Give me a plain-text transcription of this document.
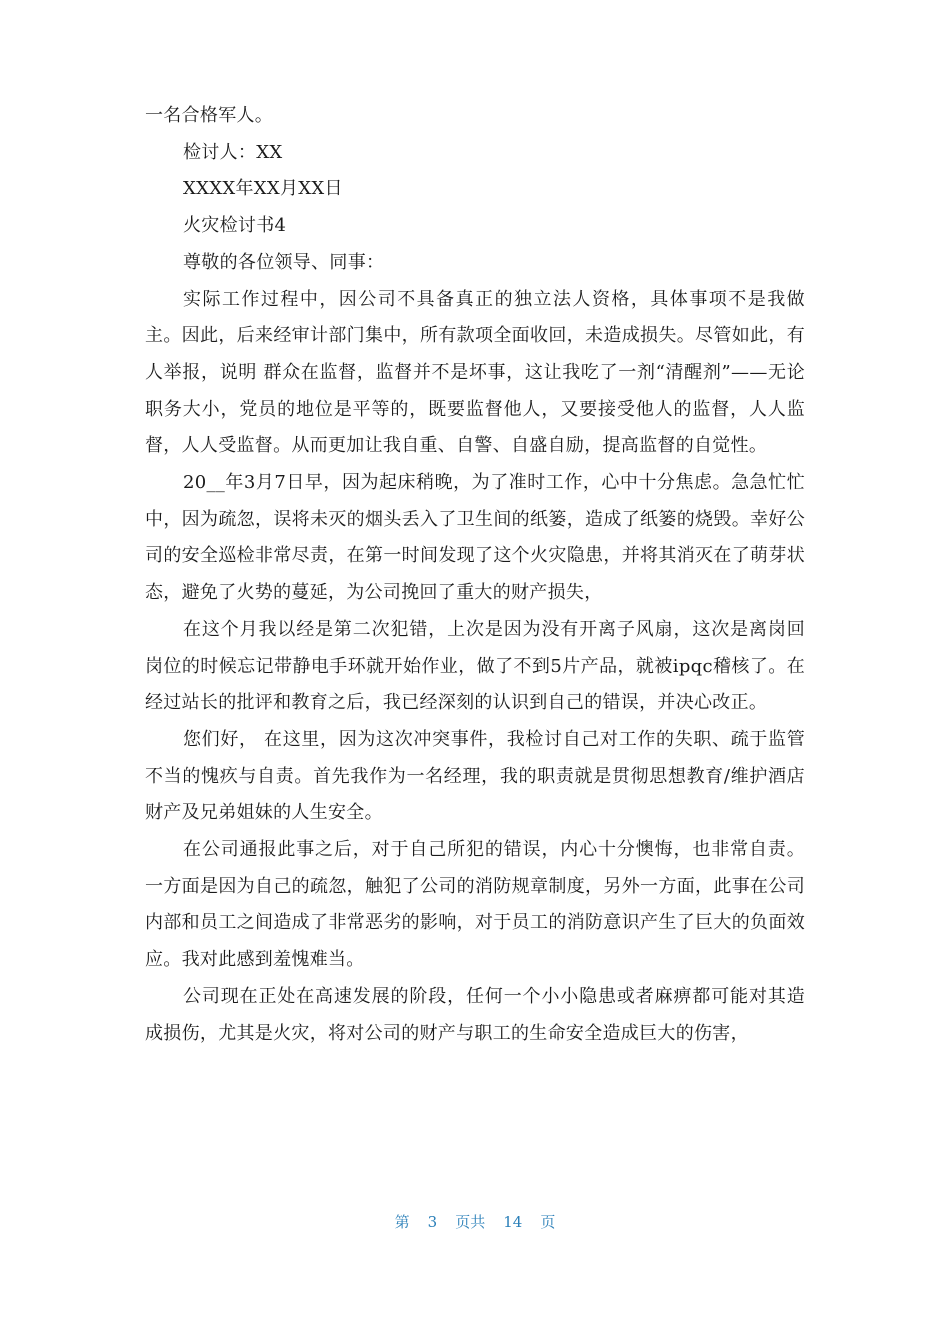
一名合格军人。

检讨人：XX

XXXX年XX月XX日

火灾检讨书4

尊敬的各位领导、同事：

实际工作过程中，因公司不具备真正的独立法人资格，具体事项不是我做主。因此，后来经审计部门集中，所有款项全面收回，未造成损失。尽管如此，有人举报，说明 群众在监督，监督并不是坏事，这让我吃了一剂“清醒剂”——无论职务大小，党员的地位是平等的，既要监督他人，又要接受他人的监督，人人监督，人人受监督。从而更加让我自重、自警、自盛自励，提高监督的自觉性。

20__年3月7日早，因为起床稍晚，为了准时工作，心中十分焦虑。急急忙忙中，因为疏忽，误将未灭的烟头丢入了卫生间的纸篓，造成了纸篓的烧毁。幸好公司的安全巡检非常尽责，在第一时间发现了这个火灾隐患，并将其消灭在了萌芽状态，避免了火势的蔓延，为公司挽回了重大的财产损失，

在这个月我以经是第二次犯错，上次是因为没有开离子风扇，这次是离岗回岗位的时候忘记带静电手环就开始作业，做了不到5片产品，就被ipqc稽核了。在经过站长的批评和教育之后，我已经深刻的认识到自己的错误，并决心改正。

您们好， 在这里，因为这次冲突事件，我检讨自己对工作的失职、疏于监管不当的愧疚与自责。首先我作为一名经理，我的职责就是贯彻思想教育/维护酒店财产及兄弟姐妹的人生安全。

在公司通报此事之后，对于自己所犯的错误，内心十分懊悔，也非常自责。一方面是因为自己的疏忽，触犯了公司的消防规章制度，另外一方面，此事在公司内部和员工之间造成了非常恶劣的影响，对于员工的消防意识产生了巨大的负面效应。我对此感到羞愧难当。

公司现在正处在高速发展的阶段，任何一个小小隐患或者麻痹都可能对其造成损伤，尤其是火灾，将对公司的财产与职工的生命安全造成巨大的伤害，

第 3 页共 14 页
